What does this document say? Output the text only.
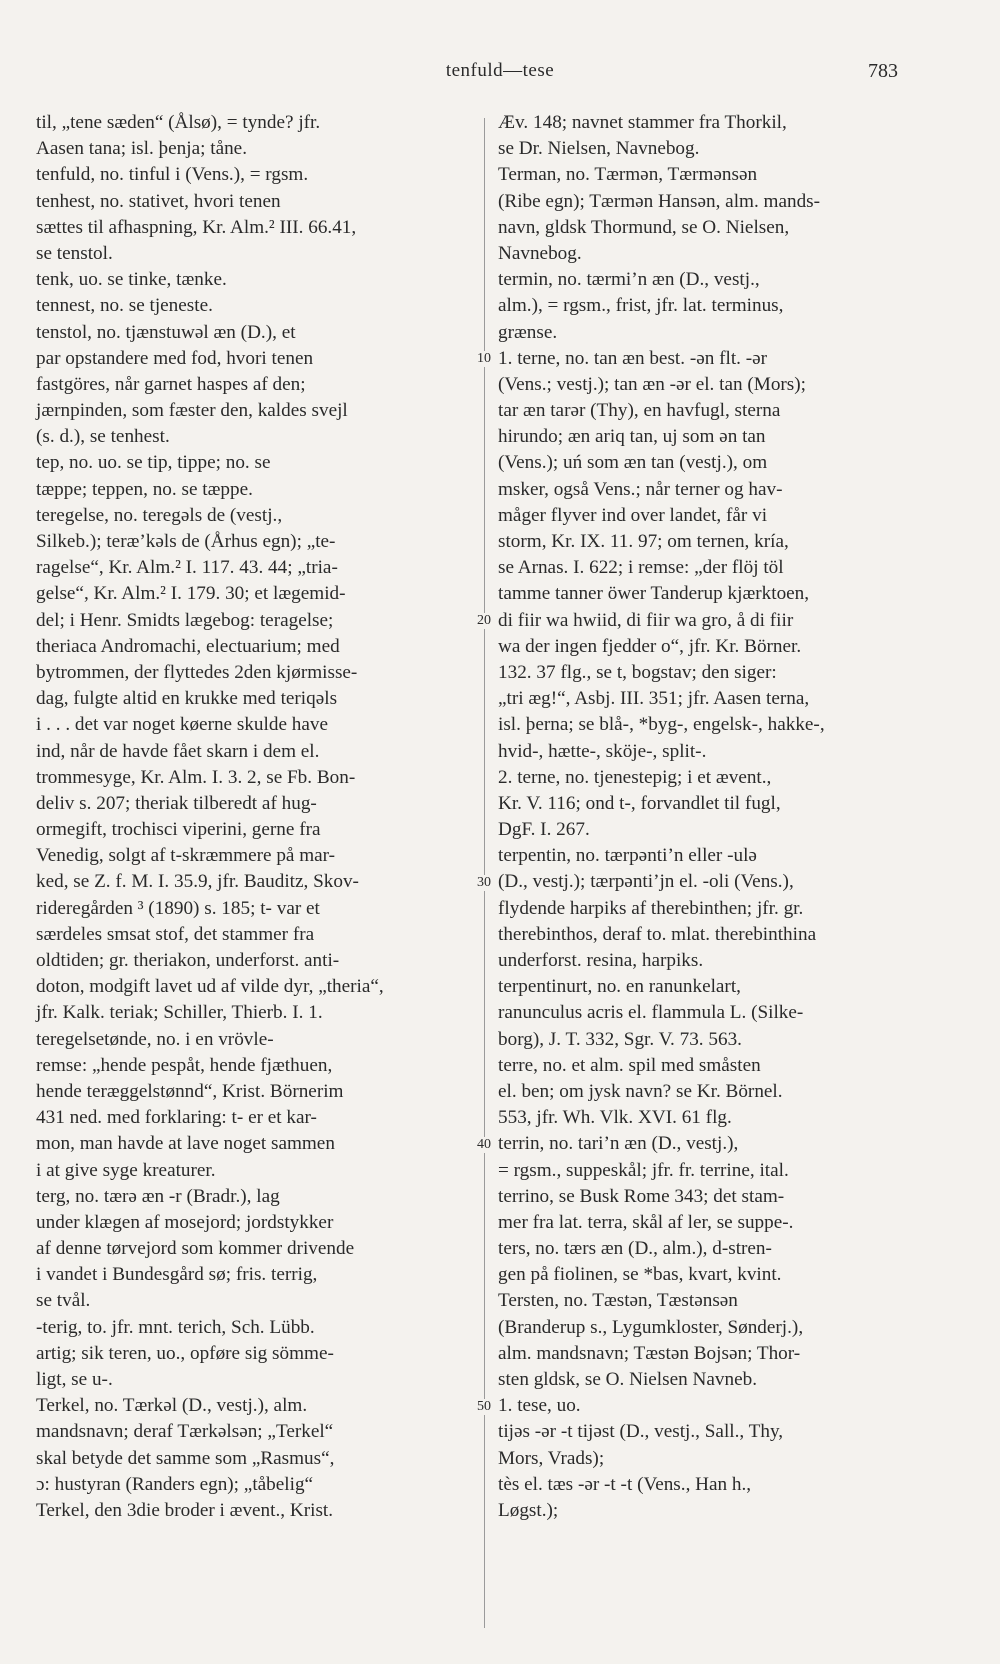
tenfuld—tese	783
til, „tene sæden“ (Ålsø), = tynde? jfr.
Aasen tana; isl. þenja; tåne.
tenfuld, no. tinful i (Vens.), = rgsm.
tenhest, no. stativet, hvori tenen
sættes til afhaspning, Kr. Alm.² III. 66.41,
se tenstol.
tenk, uo. se tinke, tænke.
tennest, no. se tjeneste.
tenstol, no. tjænstuwəl æn (D.), et
par opstandere med fod, hvori tenen
fastgöres, når garnet haspes af den;
jærnpinden, som fæster den, kaldes svejl
(s. d.), se tenhest.
tep, no. uo. se tip, tippe; no. se
tæppe; teppen, no. se tæppe.
teregelse, no. teregəls de (vestj.,
Silkeb.); teræ’kəls de (Århus egn); „te-
ragelse“, Kr. Alm.² I. 117. 43. 44; „tria-
gelse“, Kr. Alm.² I. 179. 30; et lægemid-
del; i Henr. Smidts lægebog: teragelse;
theriaca Andromachi, electuarium; med
bytrommen, der flyttedes 2den kjørmisse-
dag, fulgte altid en krukke med teriqəls
i . . . det var noget køerne skulde have
ind, når de havde fået skarn i dem el.
trommesyge, Kr. Alm. I. 3. 2, se Fb. Bon-
deliv s. 207; theriak tilberedt af hug-
ormegift, trochisci viperini, gerne fra
Venedig, solgt af t-skræmmere på mar-
ked, se Z. f. M. I. 35.9, jfr. Bauditz, Skov-
rideregården ³ (1890) s. 185; t- var et
særdeles smsat stof, det stammer fra
oldtiden; gr. theriakon, underforst. anti-
doton, modgift lavet ud af vilde dyr, „theria“,
jfr. Kalk. teriak; Schiller, Thierb. I. 1.
teregelsetønde, no. i en vrövle-
remse: „hende pespåt, hende fjæthuen,
hende teræggelstønnd“, Krist. Börnerim
431 ned. med forklaring: t- er et kar-
mon, man havde at lave noget sammen
i at give syge kreaturer.
terg, no. tærə æn -r (Bradr.), lag
under klægen af mosejord; jordstykker
af denne tørvejord som kommer drivende
i vandet i Bundesgård sø; fris. terrig,
se tvål.
-terig, to. jfr. mnt. terich, Sch. Lübb.
artig; sik teren, uo., opføre sig sömme-
ligt, se u-.
Terkel, no. Tærkəl (D., vestj.), alm.
mandsnavn; deraf Tærkəlsən; „Terkel“
skal betyde det samme som „Rasmus“,
ɔ: hustyran (Randers egn); „tåbelig“
Terkel, den 3die broder i ævent., Krist.
Æv. 148; navnet stammer fra Thorkil,
se Dr. Nielsen, Navnebog.
Terman, no. Tærmən, Tærmənsən
(Ribe egn); Tærmən Hansən, alm. mands-
navn, gldsk Thormund, se O. Nielsen,
Navnebog.
termin, no. tærmi’n æn (D., vestj.,
alm.), = rgsm., frist, jfr. lat. terminus,
grænse.
1. terne, no. tan æn best. -ən flt. -ər
(Vens.; vestj.); tan æn -ər el. tan (Mors);
tar æn tarər (Thy), en havfugl, sterna
hirundo; æn ariq tan, uj som ən tan
(Vens.); uń som æn tan (vestj.), om
msker, også Vens.; når terner og hav-
måger flyver ind over landet, får vi
storm, Kr. IX. 11. 97; om ternen, kría,
se Arnas. I. 622; i remse: „der flöj töl
tamme tanner öwer Tanderup kjærktoen,
di fiir wa hwiid, di fiir wa gro, å di fiir
wa der ingen fjedder o“, jfr. Kr. Börner.
132. 37 flg., se t, bogstav; den siger:
„tri æg!“, Asbj. III. 351; jfr. Aasen terna,
isl. þerna; se blå-, *byg-, engelsk-, hakke-,
hvid-, hætte-, sköje-, split-.
2. terne, no. tjenestepig; i et ævent.,
Kr. V. 116; ond t-, forvandlet til fugl,
DgF. I. 267.
terpentin, no. tærpənti’n eller -ulə
(D., vestj.); tærpənti’jn el. -oli (Vens.),
flydende harpiks af therebinthen; jfr. gr.
therebinthos, deraf to. mlat. therebinthina
underforst. resina, harpiks.
terpentinurt, no. en ranunkelart,
ranunculus acris el. flammula L. (Silke-
borg), J. T. 332, Sgr. V. 73. 563.
terre, no. et alm. spil med småsten
el. ben; om jysk navn? se Kr. Börnel.
553, jfr. Wh. Vlk. XVI. 61 flg.
terrin, no. tari’n æn (D., vestj.),
= rgsm., suppeskål; jfr. fr. terrine, ital.
terrino, se Busk Rome 343; det stam-
mer fra lat. terra, skål af ler, se suppe-.
ters, no. tærs æn (D., alm.), d-stren-
gen på fiolinen, se *bas, kvart, kvint.
Tersten, no. Tæstən, Tæstənsən
(Branderup s., Lygumkloster, Sønderj.),
alm. mandsnavn; Tæstən Bojsən; Thor-
sten gldsk, se O. Nielsen Navneb.
1. tese, uo.
tijəs -ər -t tijəst (D., vestj., Sall., Thy,
Mors, Vrads);
tès el. tæs -ər -t -t (Vens., Han h.,
Løgst.);
10
20
30
40
50
